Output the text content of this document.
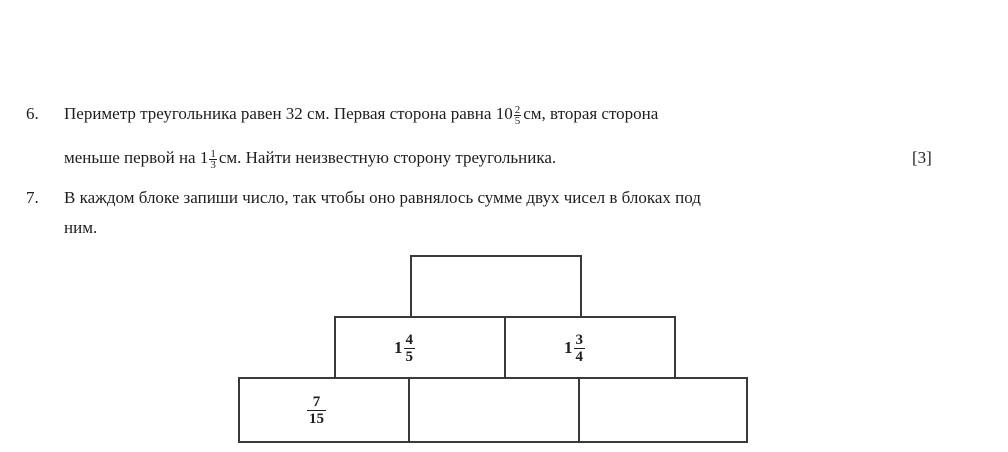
6. Периметр треугольника равен 32 см. Первая сторона равна $10 \frac{2}{5}$ см, вторая сторона
меньше первой на $1 \frac{1}{3}$ см. Найти неизвестную сторону треугольника.	[3]
7. В каждом блоке запиши число, так чтобы оно равнялось сумме двух чисел в блоках под
ним.
$1 \frac{4}{5}$	$1 \frac{3}{4}$
$\frac{7}{15}$
